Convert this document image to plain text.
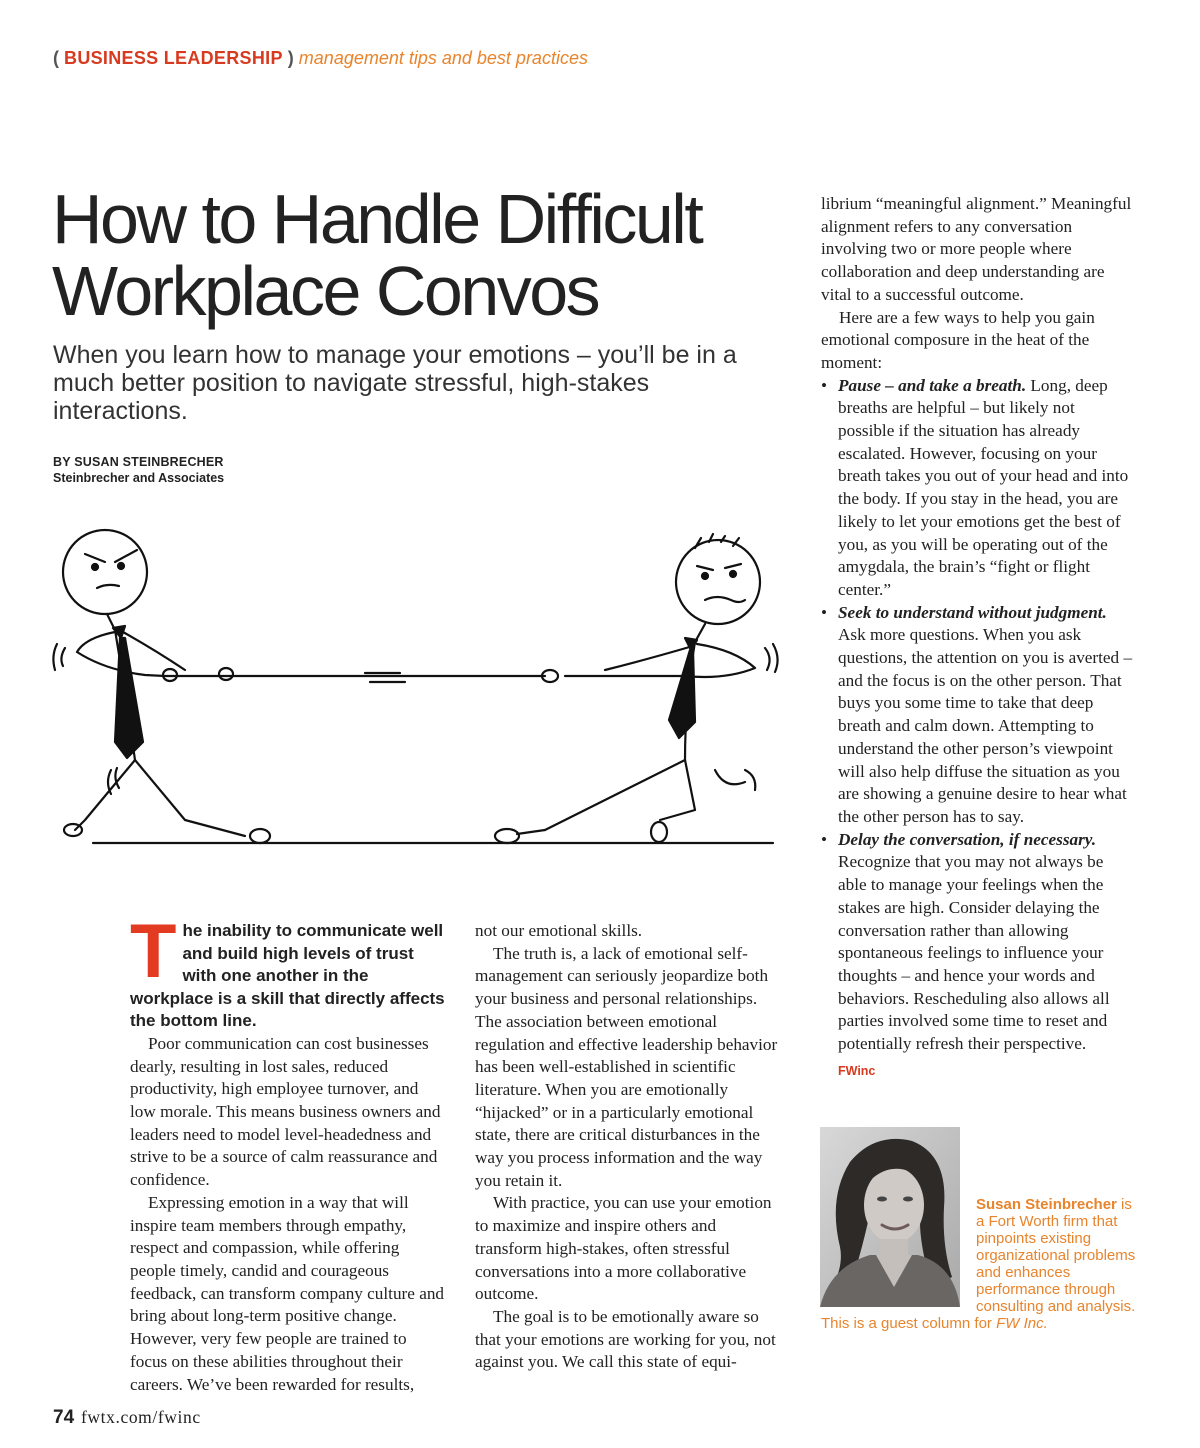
( BUSINESS LEADERSHIP ) management tips and best practices
How to Handle Difficult
Workplace Convos

When you learn how to manage your emotions – you’ll be in a much better position to navigate stressful, high-stakes interactions.

BY SUSAN STEINBRECHER
Steinbrecher and Associates

The inability to communicate well and build high levels of trust with one another in the workplace is a skill that directly affects the bottom line.

Poor communication can cost businesses dearly, resulting in lost sales, reduced productivity, high employee turnover, and low morale. This means business owners and leaders need to model level-headedness and strive to be a source of calm reassurance and confidence.

Expressing emotion in a way that will inspire team members through empathy, respect and compassion, while offering people timely, candid and courageous feedback, can transform company culture and bring about long-term positive change. However, very few people are trained to focus on these abilities throughout their careers. We’ve been rewarded for results,

not our emotional skills.

The truth is, a lack of emotional self-management can seriously jeopardize both your business and personal relationships. The association between emotional regulation and effective leadership behavior has been well-established in scientific literature. When you are emotionally “hijacked” or in a particularly emotional state, there are critical disturbances in the way you process information and the way you retain it.

With practice, you can use your emotion to maximize and inspire others and transform high-stakes, often stressful conversations into a more collaborative outcome.

The goal is to be emotionally aware so that your emotions are working for you, not against you. We call this state of equi-

librium “meaningful alignment.” Meaningful alignment refers to any conversation involving two or more people where collaboration and deep understanding are vital to a successful outcome.

Here are a few ways to help you gain emotional composure in the heat of the moment:

• Pause – and take a breath. Long, deep breaths are helpful – but likely not possible if the situation has already escalated. However, focusing on your breath takes you out of your head and into the body. If you stay in the head, you are likely to let your emotions get the best of you, as you will be operating out of the amygdala, the brain’s “fight or flight center.”
• Seek to understand without judgment. Ask more questions. When you ask questions, the attention on you is averted – and the focus is on the other person. That buys you some time to take that deep breath and calm down. Attempting to understand the other person’s viewpoint will also help diffuse the situation as you are showing a genuine desire to hear what the other person has to say.
• Delay the conversation, if necessary. Recognize that you may not always be able to manage your feelings when the stakes are high. Consider delaying the conversation rather than allowing spontaneous feelings to influence your thoughts – and hence your words and behaviors. Rescheduling also allows all parties involved some time to reset and potentially refresh their perspective.
FWinc
Susan Steinbrecher is a Fort Worth firm that pinpoints existing organizational problems and enhances performance through consulting and analysis. This is a guest column for FW Inc.
74 fwtx.com/fwinc
